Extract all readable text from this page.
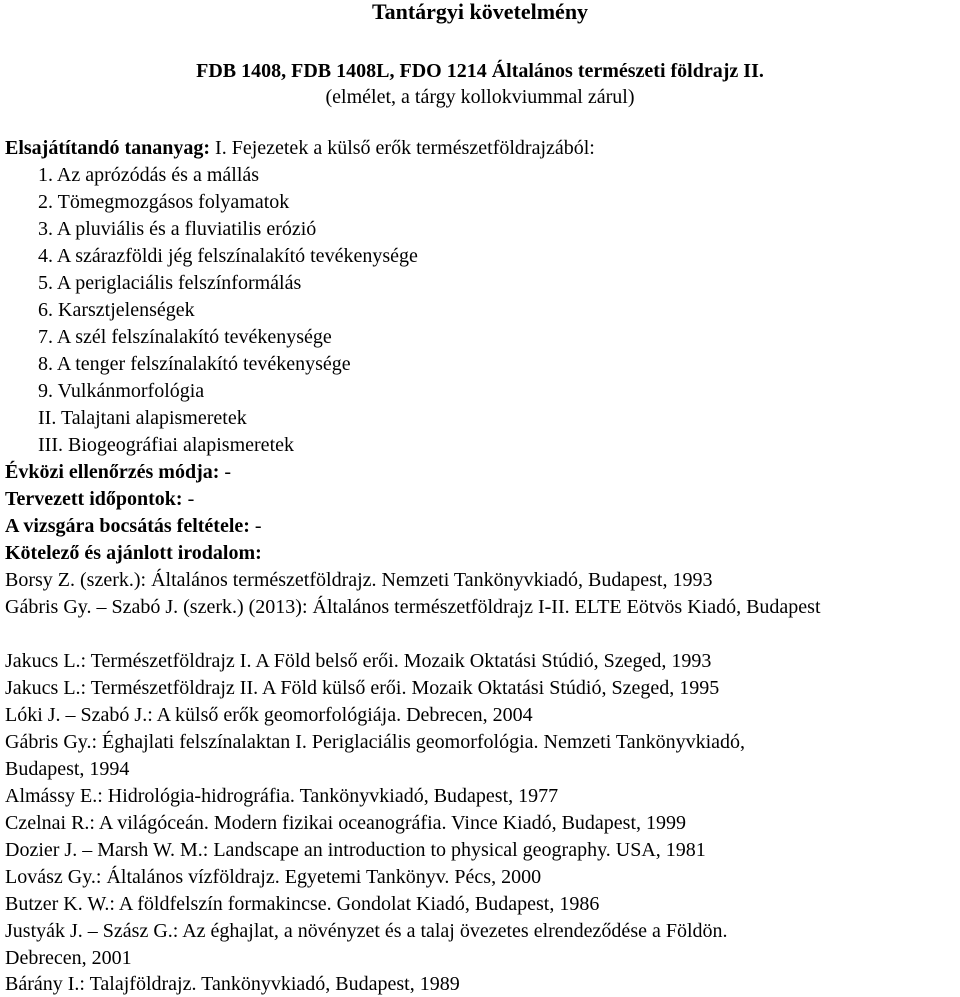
Tantárgyi követelmény
FDB 1408, FDB 1408L, FDO 1214 Általános természeti földrajz II.
(elmélet, a tárgy kollokviummal zárul)
Elsajátítandó tananyag: I. Fejezetek a külső erők természetföldrajzából:
1. Az aprózódás és a mállás
2. Tömegmozgásos folyamatok
3. A pluviális és a fluviatilis erózió
4. A szárazföldi jég felszínalakító tevékenysége
5. A periglaciális felszínformálás
6. Karsztjelenségek
7. A szél felszínalakító tevékenysége
8. A tenger felszínalakító tevékenysége
9. Vulkánmorfológia
II. Talajtani alapismeretek
III. Biogeográfiai alapismeretek
Évközi ellenőrzés módja: -
Tervezett időpontok: -
A vizsgára bocsátás feltétele: -
Kötelező és ajánlott irodalom:
Borsy Z. (szerk.): Általános természetföldrajz. Nemzeti Tankönyvkiadó, Budapest, 1993
Gábris Gy. – Szabó J. (szerk.) (2013): Általános természetföldrajz I-II. ELTE Eötvös Kiadó, Budapest
Jakucs L.: Természetföldrajz I. A Föld belső erői. Mozaik Oktatási Stúdió, Szeged, 1993
Jakucs L.: Természetföldrajz II. A Föld külső erői. Mozaik Oktatási Stúdió, Szeged, 1995
Lóki J. – Szabó J.: A külső erők geomorfológiája. Debrecen, 2004
Gábris Gy.: Éghajlati felszínalaktan I. Periglaciális geomorfológia. Nemzeti Tankönyvkiadó,
Budapest, 1994
Almássy E.: Hidrológia-hidrográfia. Tankönyvkiadó, Budapest, 1977
Czelnai R.: A világóceán. Modern fizikai oceanográfia. Vince Kiadó, Budapest, 1999
Dozier J. – Marsh W. M.: Landscape an introduction to physical geography. USA, 1981
Lovász Gy.: Általános vízföldrajz. Egyetemi Tankönyv. Pécs, 2000
Butzer K. W.: A földfelszín formakincse. Gondolat Kiadó, Budapest, 1986
Justyák J. – Szász G.: Az éghajlat, a növényzet és a talaj övezetes elrendeződése a Földön.
Debrecen, 2001
Bárány I.: Talajföldrajz. Tankönyvkiadó, Budapest, 1989
